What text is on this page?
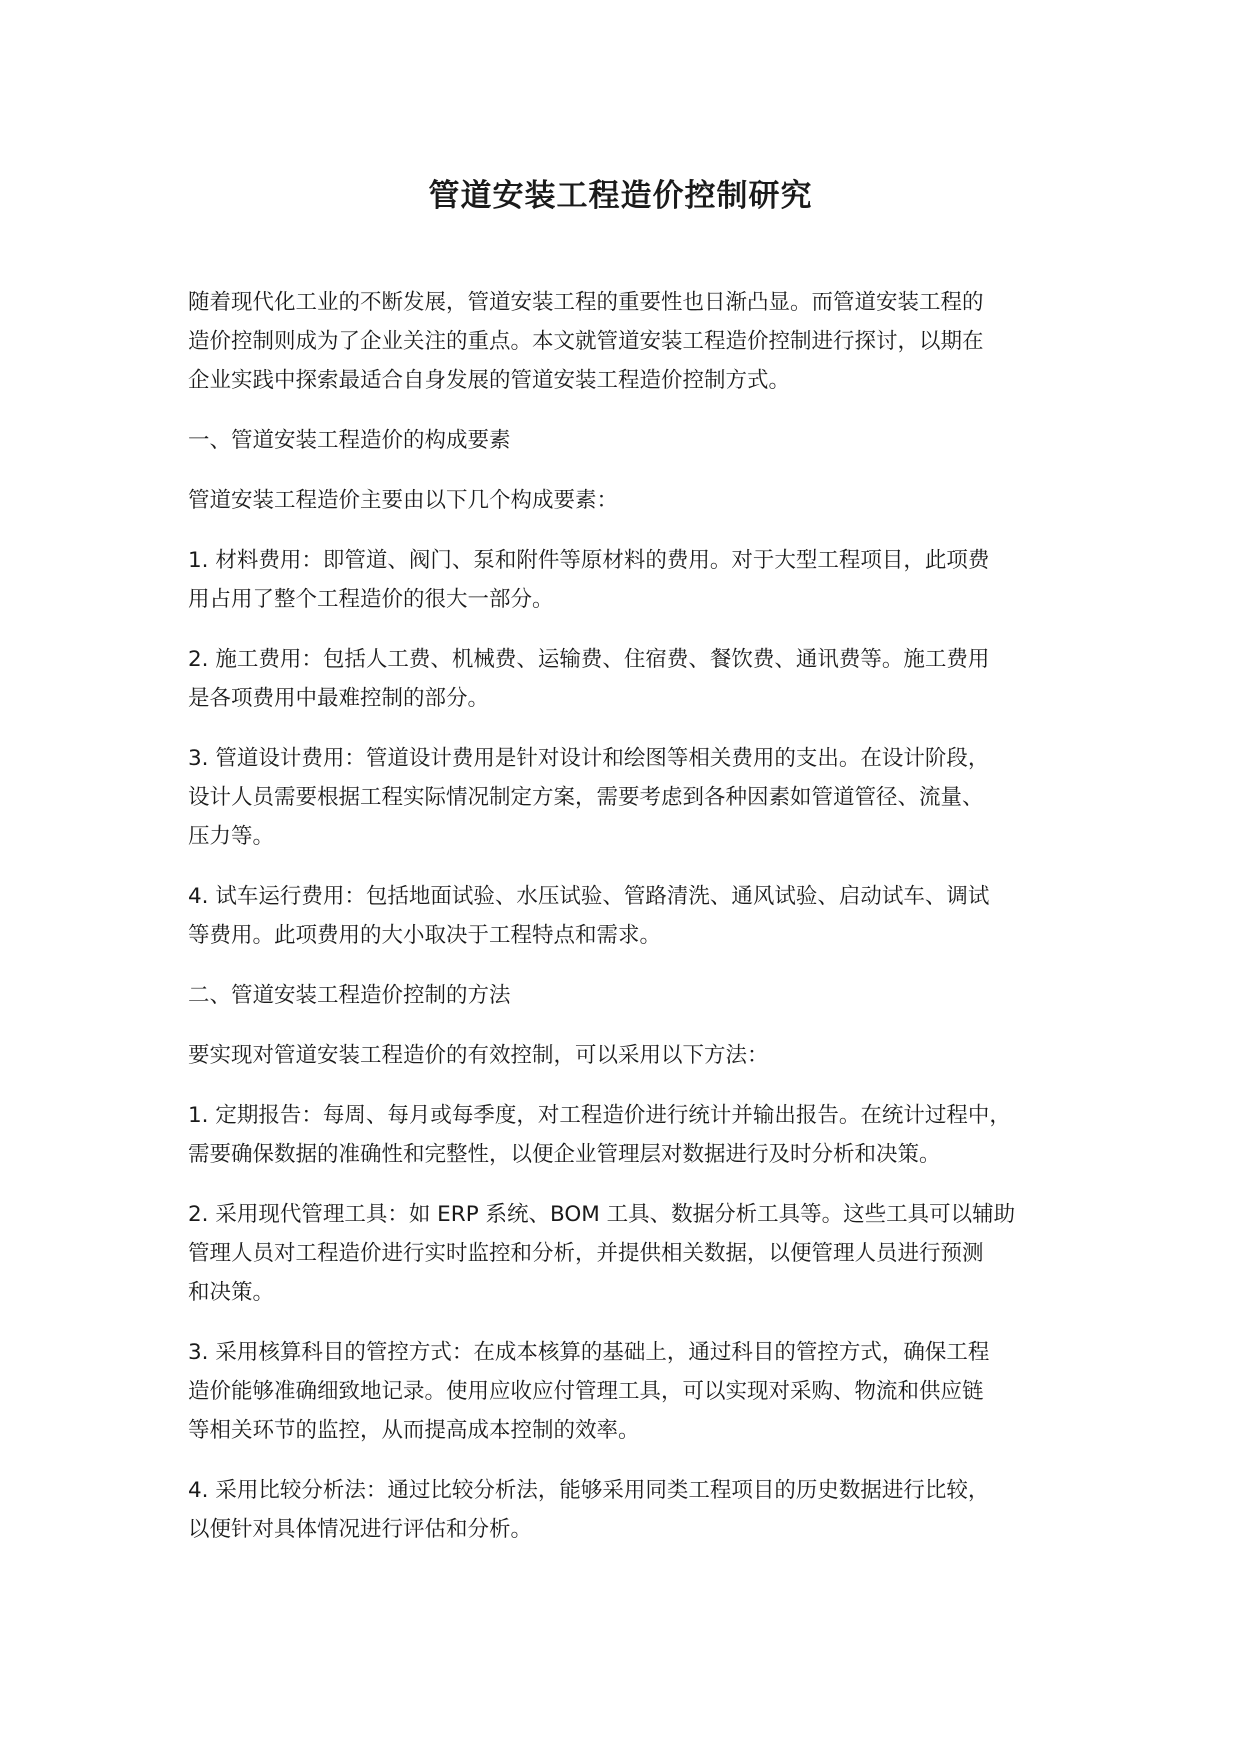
管道安装工程造价控制研究
随着现代化工业的不断发展，管道安装工程的重要性也日渐凸显。而管道安装工程的
造价控制则成为了企业关注的重点。本文就管道安装工程造价控制进行探讨，以期在
企业实践中探索最适合自身发展的管道安装工程造价控制方式。
一、管道安装工程造价的构成要素
管道安装工程造价主要由以下几个构成要素：
1. 材料费用：即管道、阀门、泵和附件等原材料的费用。对于大型工程项目，此项费
用占用了整个工程造价的很大一部分。
2. 施工费用：包括人工费、机械费、运输费、住宿费、餐饮费、通讯费等。施工费用
是各项费用中最难控制的部分。
3. 管道设计费用：管道设计费用是针对设计和绘图等相关费用的支出。在设计阶段，
设计人员需要根据工程实际情况制定方案，需要考虑到各种因素如管道管径、流量、
压力等。
4. 试车运行费用：包括地面试验、水压试验、管路清洗、通风试验、启动试车、调试
等费用。此项费用的大小取决于工程特点和需求。
二、管道安装工程造价控制的方法
要实现对管道安装工程造价的有效控制，可以采用以下方法：
1. 定期报告：每周、每月或每季度，对工程造价进行统计并输出报告。在统计过程中，
需要确保数据的准确性和完整性，以便企业管理层对数据进行及时分析和决策。
2. 采用现代管理工具：如 ERP 系统、BOM 工具、数据分析工具等。这些工具可以辅助
管理人员对工程造价进行实时监控和分析，并提供相关数据，以便管理人员进行预测
和决策。
3. 采用核算科目的管控方式：在成本核算的基础上，通过科目的管控方式，确保工程
造价能够准确细致地记录。使用应收应付管理工具，可以实现对采购、物流和供应链
等相关环节的监控，从而提高成本控制的效率。
4. 采用比较分析法：通过比较分析法，能够采用同类工程项目的历史数据进行比较，
以便针对具体情况进行评估和分析。
